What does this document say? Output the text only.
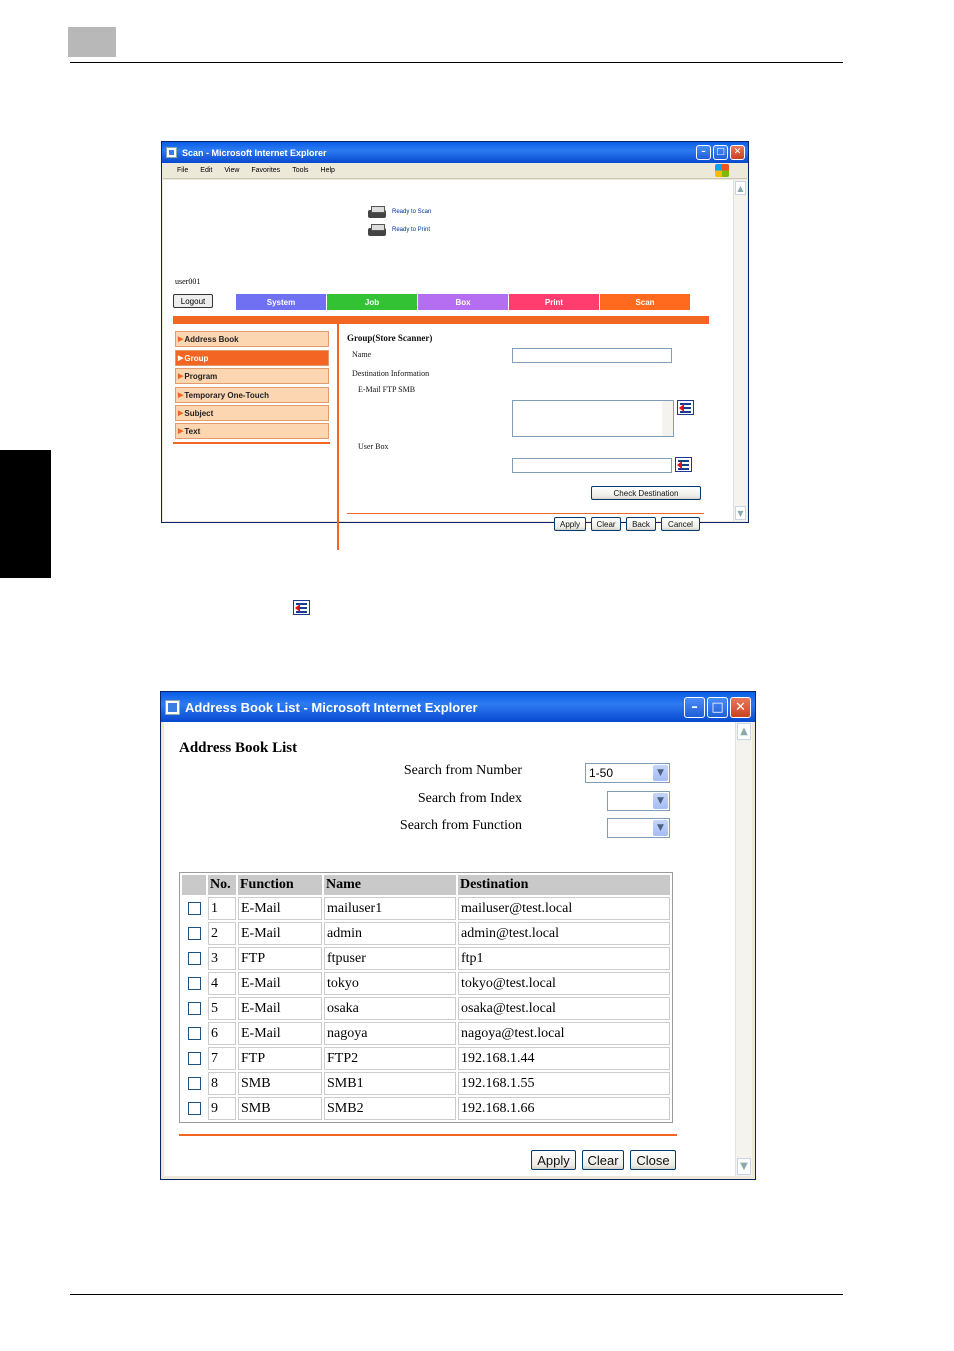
Scan - Microsoft Internet Explorer	–	□ ✕
File Edit View Favorites Tools Help
Ready to Scan
Ready to Print
user001
Logout	System	Job	Box	Print	Scan
▶ Address Book
▶ Group
▶ Program
▶ Temporary One-Touch
▶ Subject
▶ Text
Group(Store Scanner)
Name
Destination Information
E-Mail FTP SMB
User Box
Check Destination
Apply	Clear	Back	Cancel
▲
▼
Address Book List - Microsoft Internet Explorer	–	□ ✕
Address Book List
Search from Number	1-50	▼
Search from Index	▼
Search from Function	▼
	No.	Function	Name	Destination

	1	E-Mail	mailuser1	mailuser@test.local

	2	E-Mail	admin	admin@test.local

	3	FTP	ftpuser	ftp1

	4	E-Mail	tokyo	tokyo@test.local

	5	E-Mail	osaka	osaka@test.local

	6	E-Mail	nagoya	nagoya@test.local

	7	FTP	FTP2	192.168.1.44

	8	SMB	SMB1	192.168.1.55

	9	SMB	SMB2	192.168.1.66
Apply	Clear	Close
▲
▼
